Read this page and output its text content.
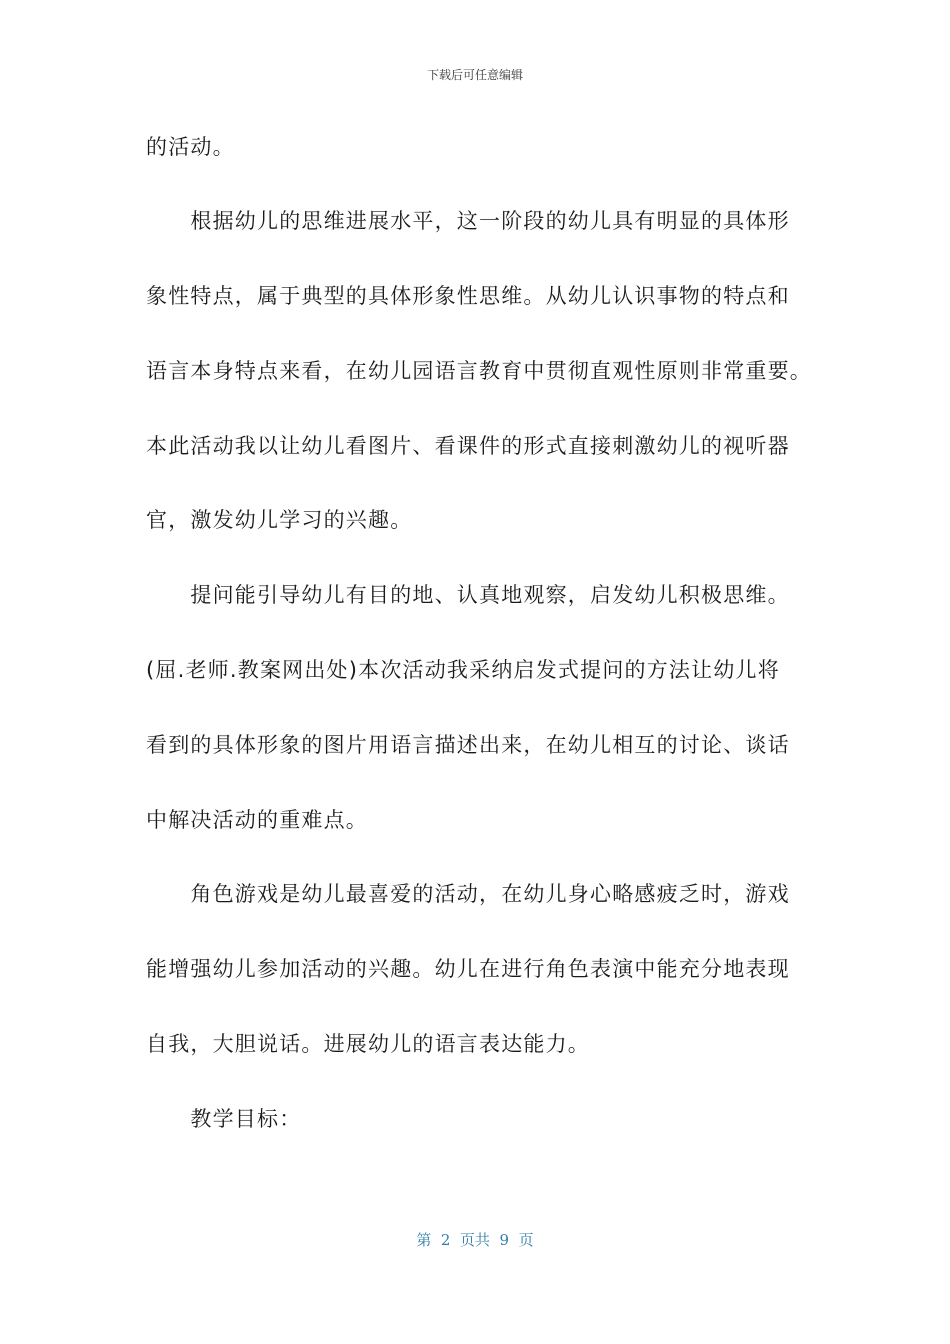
下载后可任意编辑
的活动。
　　根据幼儿的思维进展水平，这一阶段的幼儿具有明显的具体形
象性特点，属于典型的具体形象性思维。从幼儿认识事物的特点和
语言本身特点来看，在幼儿园语言教育中贯彻直观性原则非常重要。
本此活动我以让幼儿看图片、看课件的形式直接刺激幼儿的视听器
官，激发幼儿学习的兴趣。
　　提问能引导幼儿有目的地、认真地观察，启发幼儿积极思维。
(屈.老师.教案网出处)本次活动我采纳启发式提问的方法让幼儿将
看到的具体形象的图片用语言描述出来，在幼儿相互的讨论、谈话
中解决活动的重难点。
　　角色游戏是幼儿最喜爱的活动，在幼儿身心略感疲乏时，游戏
能增强幼儿参加活动的兴趣。幼儿在进行角色表演中能充分地表现
自我，大胆说话。进展幼儿的语言表达能力。
　　教学目标：
第  2  页共  9  页
